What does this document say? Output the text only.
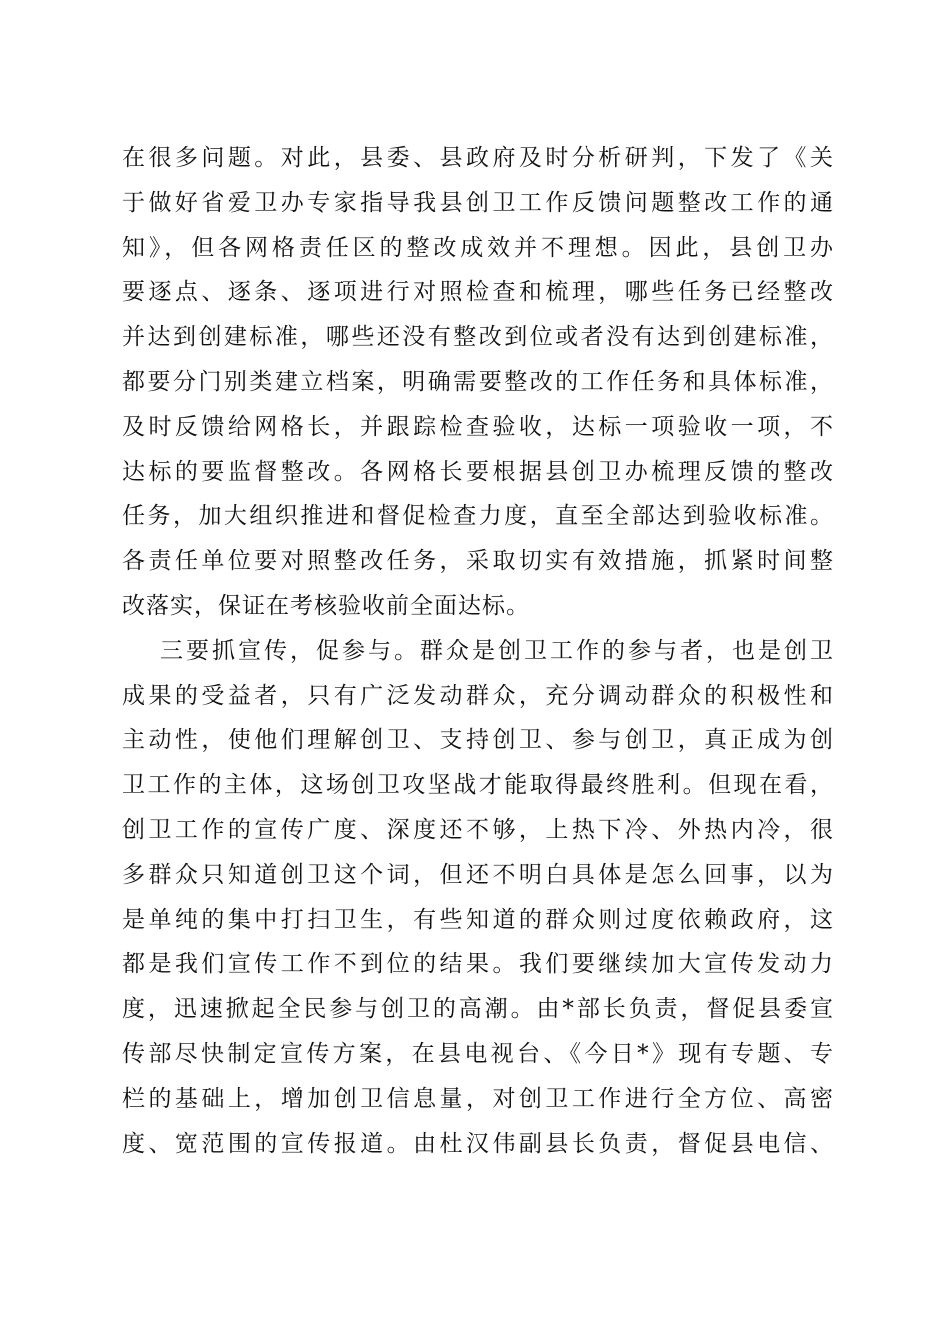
在很多问题。对此，县委、县政府及时分析研判，下发了《关
于做好省爱卫办专家指导我县创卫工作反馈问题整改工作的通
知》，但各网格责任区的整改成效并不理想。因此，县创卫办
要逐点、逐条、逐项进行对照检查和梳理，哪些任务已经整改
并达到创建标准，哪些还没有整改到位或者没有达到创建标准，
都要分门别类建立档案，明确需要整改的工作任务和具体标准，
及时反馈给网格长，并跟踪检查验收，达标一项验收一项，不
达标的要监督整改。各网格长要根据县创卫办梳理反馈的整改
任务，加大组织推进和督促检查力度，直至全部达到验收标准。
各责任单位要对照整改任务，采取切实有效措施，抓紧时间整
改落实，保证在考核验收前全面达标。
三要抓宣传，促参与。群众是创卫工作的参与者，也是创卫
成果的受益者，只有广泛发动群众，充分调动群众的积极性和
主动性，使他们理解创卫、支持创卫、参与创卫，真正成为创
卫工作的主体，这场创卫攻坚战才能取得最终胜利。但现在看，
创卫工作的宣传广度、深度还不够，上热下冷、外热内冷，很
多群众只知道创卫这个词，但还不明白具体是怎么回事，以为
是单纯的集中打扫卫生，有些知道的群众则过度依赖政府，这
都是我们宣传工作不到位的结果。我们要继续加大宣传发动力
度，迅速掀起全民参与创卫的高潮。由*部长负责，督促县委宣
传部尽快制定宣传方案，在县电视台、《今日*》现有专题、专
栏的基础上，增加创卫信息量，对创卫工作进行全方位、高密
度、宽范围的宣传报道。由杜汉伟副县长负责，督促县电信、
